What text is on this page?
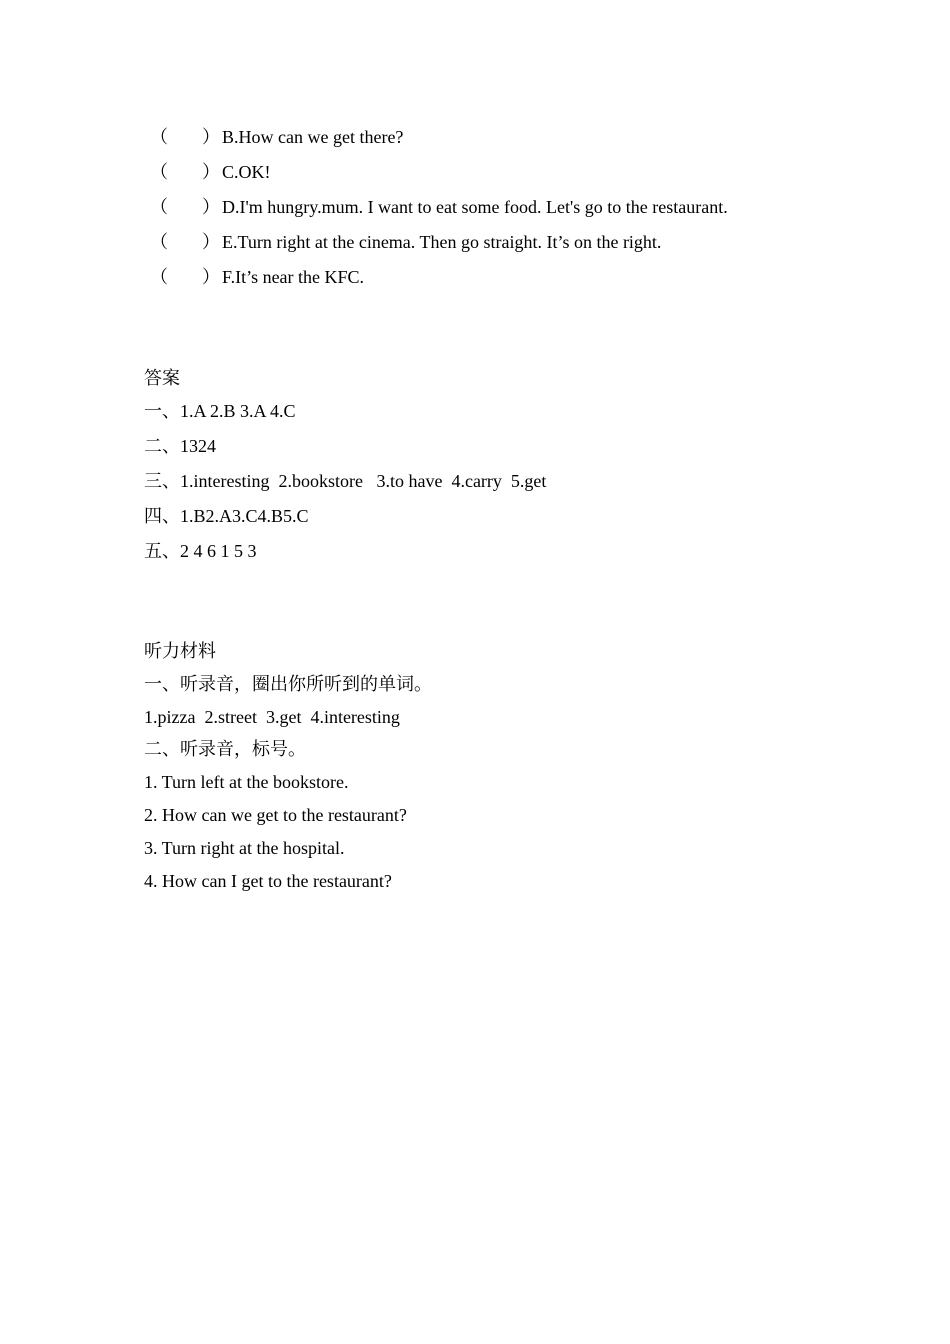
（	） B.How can we get there?
（	） C.OK!
（	） D.I'm hungry.mum. I want to eat some food. Let's go to the restaurant.
（	） E.Turn right at the cinema. Then go straight. It’s on the right.
（	） F.It’s near the KFC.
答案
一、1.A 2.B 3.A 4.C
二、1324
三、1.interesting  2.bookstore   3.to have  4.carry  5.get
四、1.B2.A3.C4.B5.C
五、2 4 6 1 5 3
听力材料
一、听录音，圈出你所听到的单词。
1.pizza  2.street  3.get  4.interesting
二、听录音，标号。
1. Turn left at the bookstore.
2. How can we get to the restaurant?
3. Turn right at the hospital.
4. How can I get to the restaurant?
